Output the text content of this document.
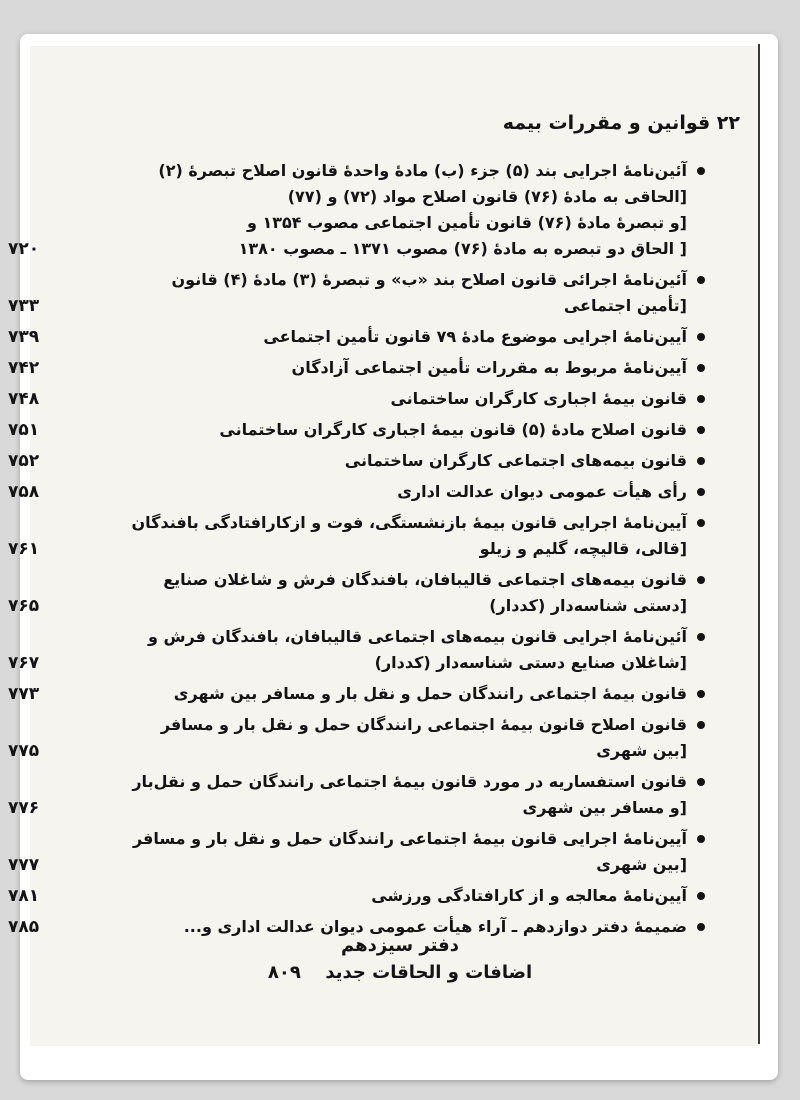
۲۲ قوانین و مقررات بیمه
آئین‌نامهٔ اجرایی بند (۵) جزء (ب) مادهٔ واحدهٔ قانون اصلاح تبصرهٔ (۲)
[الحاقی به مادهٔ (۷۶) قانون اصلاح مواد (۷۲) و (۷۷)
[و تبصرهٔ مادهٔ (۷۶) قانون تأمین اجتماعی مصوب ۱۳۵۴ و
[ الحاق دو تبصره به مادهٔ (۷۶) مصوب ۱۳۷۱ ـ مصوب ۱۳۸۰
۷۲۰
آئین‌نامهٔ اجرائی قانون اصلاح بند «ب» و تبصرهٔ (۳) مادهٔ (۴) قانون
[تأمین اجتماعی
۷۳۳
آیین‌نامهٔ اجرایی موضوع مادهٔ ۷۹ قانون تأمین اجتماعی
۷۳۹
آیین‌نامهٔ مربوط به مقررات تأمین اجتماعی آزادگان
۷۴۲
قانون بیمهٔ اجباری کارگران ساختمانی
۷۴۸
قانون اصلاح مادهٔ (۵) قانون بیمهٔ اجباری کارگران ساختمانی
۷۵۱
قانون بیمه‌های اجتماعی کارگران ساختمانی
۷۵۲
رأی هیأت عمومی دیوان عدالت اداری
۷۵۸
آیین‌نامهٔ اجرایی قانون بیمهٔ بازنشستگی، فوت و ازکارافتادگی بافندگان
[قالی، قالیچه، گلیم و زیلو
۷۶۱
قانون بیمه‌های اجتماعی قالیبافان، بافندگان فرش و شاغلان صنایع
[دستی شناسه‌دار (کددار)
۷۶۵
آئین‌نامهٔ اجرایی قانون بیمه‌های اجتماعی قالیبافان، بافندگان فرش و
[شاغلان صنایع دستی شناسه‌دار (کددار)
۷۶۷
قانون بیمهٔ اجتماعی رانندگان حمل و نقل بار و مسافر بین شهری
۷۷۳
قانون اصلاح قانون بیمهٔ اجتماعی رانندگان حمل و نقل بار و مسافر
[بین شهری
۷۷۵
قانون استفساریه در مورد قانون بیمهٔ اجتماعی رانندگان حمل و نقل‌بار
[و مسافر بین شهری
۷۷۶
آیین‌نامهٔ اجرایی قانون بیمهٔ اجتماعی رانندگان حمل و نقل بار و مسافر
[بین شهری
۷۷۷
آیین‌نامهٔ معالجه و از کارافتادگی ورزشی
۷۸۱
ضمیمهٔ دفتر دوازدهم ـ آراء هیأت عمومی دیوان عدالت اداری و...
۷۸۵
دفتر سیزدهم
اضافات و الحاقات جدید  ۸۰۹
